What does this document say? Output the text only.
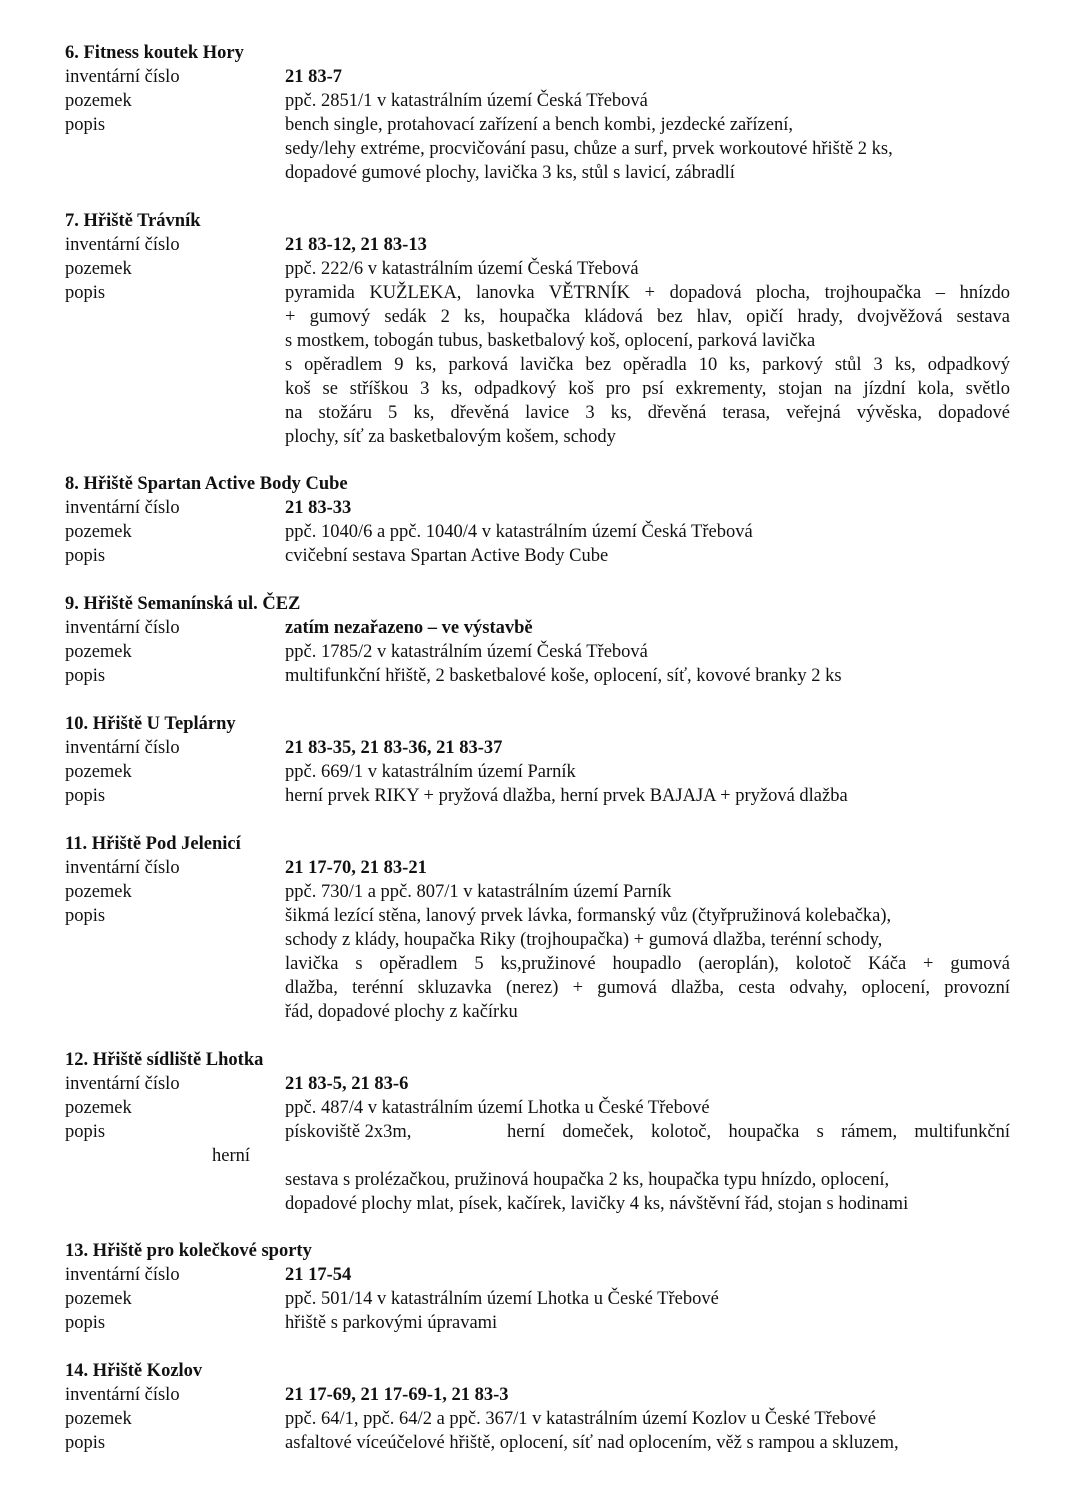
6. Fitness koutek Hory
inventární číslo	21 83-7
pozemek	ppč. 2851/1 v katastrálním území Česká Třebová
popis	bench single, protahovací zařízení a bench kombi, jezdecké zařízení,
sedy/lehy extréme, procvičování pasu, chůze a surf, prvek workoutové hřiště 2 ks,
dopadové gumové plochy, lavička 3 ks, stůl s lavicí, zábradlí
7. Hřiště Trávník
inventární číslo	21 83-12, 21 83-13
pozemek	ppč. 222/6 v katastrálním území Česká Třebová
popis	pyramida KUŽLEKA, lanovka VĚTRNÍK + dopadová plocha, trojhoupačka – hnízdo
+ gumový sedák 2 ks, houpačka kládová bez hlav, opičí hrady, dvojvěžová sestava
s mostkem, tobogán tubus, basketbalový koš, oplocení, parková lavička
s opěradlem 9 ks, parková lavička bez opěradla 10 ks, parkový stůl 3 ks, odpadkový
koš se stříškou 3 ks, odpadkový koš pro psí exkrementy, stojan na jízdní kola, světlo
na stožáru 5 ks, dřevěná lavice 3 ks, dřevěná terasa, veřejná vývěska, dopadové
plochy, síť za basketbalovým košem, schody
8. Hřiště Spartan Active Body Cube
inventární číslo	21 83-33
pozemek	ppč. 1040/6 a ppč. 1040/4 v katastrálním území Česká Třebová
popis	cvičební sestava Spartan Active Body Cube
9. Hřiště Semanínská ul. ČEZ
inventární číslo	zatím nezařazeno – ve výstavbě
pozemek	ppč. 1785/2 v katastrálním území Česká Třebová
popis	multifunkční hřiště, 2 basketbalové koše, oplocení, síť, kovové branky 2 ks
10. Hřiště U Teplárny
inventární číslo	21 83-35, 21 83-36, 21 83-37
pozemek	ppč. 669/1 v katastrálním území Parník
popis	herní prvek RIKY + pryžová dlažba, herní prvek BAJAJA + pryžová dlažba
11. Hřiště Pod Jelenicí
inventární číslo	21 17-70, 21 83-21
pozemek	ppč. 730/1 a ppč. 807/1 v katastrálním území Parník
popis	šikmá lezící stěna, lanový prvek lávka, formanský vůz (čtyřpružinová kolebačka),
schody z klády, houpačka Riky (trojhoupačka) + gumová dlažba, terénní schody,
lavička s opěradlem 5 ks,pružinové houpadlo (aeroplán), kolotoč Káča + gumová
dlažba, terénní skluzavka (nerez) + gumová dlažba, cesta odvahy, oplocení, provozní
řád, dopadové plochy z kačírku
12. Hřiště sídliště Lhotka
inventární číslo	21 83-5, 21 83-6
pozemek	ppč. 487/4 v katastrálním území Lhotka u České Třebové
popis	pískoviště 2x3m,	herní domeček, kolotoč, houpačka s rámem, multifunkční
herní
sestava s prolézačkou, pružinová houpačka 2 ks, houpačka typu hnízdo, oplocení,
dopadové plochy mlat, písek, kačírek, lavičky 4 ks, návštěvní řád, stojan s hodinami
13. Hřiště pro kolečkové sporty
inventární číslo	21 17-54
pozemek	ppč. 501/14 v katastrálním území Lhotka u České Třebové
popis	hřiště s parkovými úpravami
14. Hřiště Kozlov
inventární číslo	21 17-69, 21 17-69-1, 21 83-3
pozemek	ppč. 64/1, ppč. 64/2 a ppč. 367/1 v katastrálním území Kozlov u České Třebové
popis	asfaltové víceúčelové hřiště, oplocení, síť nad oplocením, věž s rampou a skluzem,
